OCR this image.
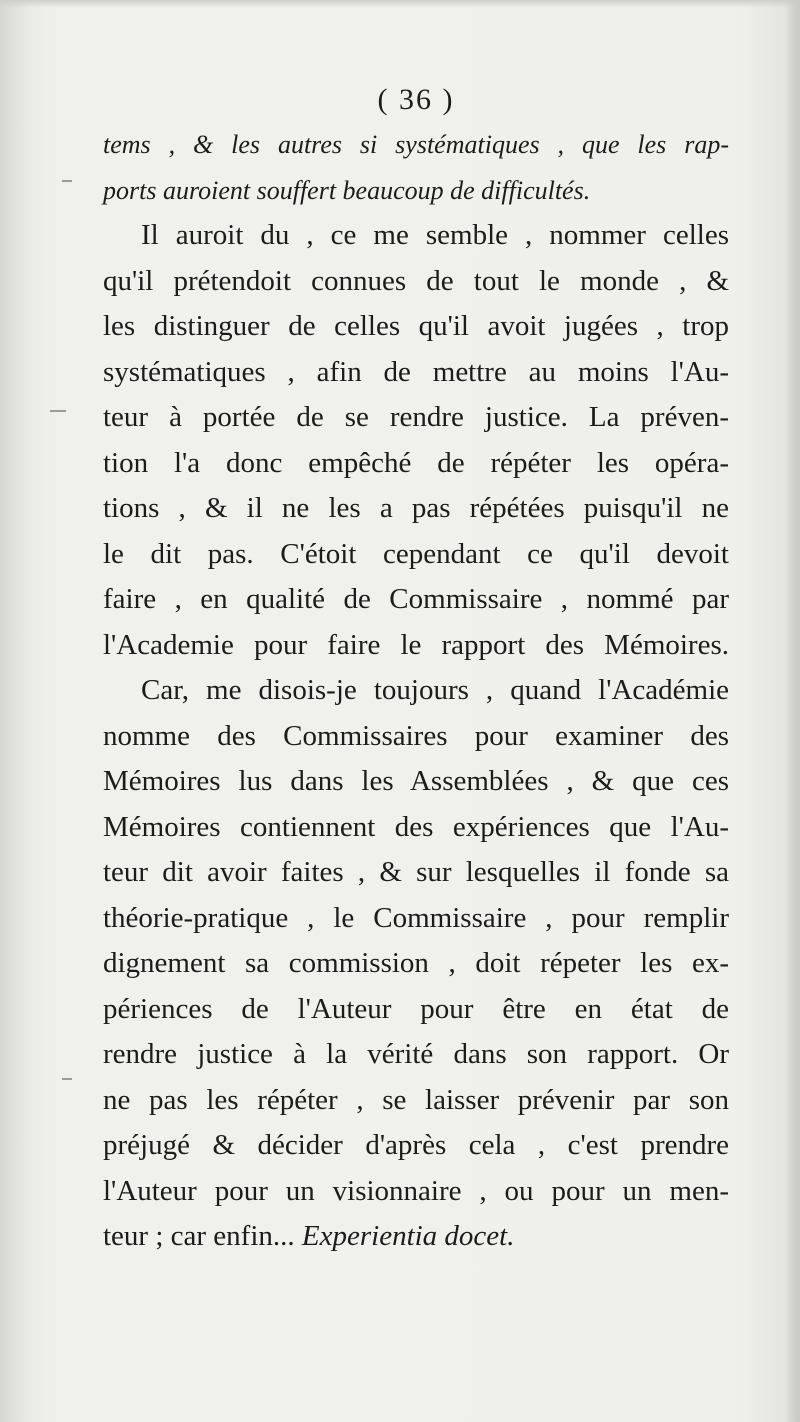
( 36 )
tems , & les autres si systématiques , que les rap-
ports auroient souffert beaucoup de difficultés.
Il auroit du , ce me semble , nommer celles
qu'il prétendoit connues de tout le monde , &
les distinguer de celles qu'il avoit jugées , trop
systématiques , afin de mettre au moins l'Au-
teur à portée de se rendre justice. La préven-
tion l'a donc empêché de répéter les opéra-
tions , & il ne les a pas répétées puisqu'il ne
le dit pas. C'étoit cependant ce qu'il devoit
faire , en qualité de Commissaire , nommé par
l'Academie pour faire le rapport des Mémoires.
Car, me disois-je toujours , quand l'Académie
nomme des Commissaires pour examiner des
Mémoires lus dans les Assemblées , & que ces
Mémoires contiennent des expériences que l'Au-
teur dit avoir faites , & sur lesquelles il fonde sa
théorie-pratique , le Commissaire , pour remplir
dignement sa commission , doit répeter les ex-
périences de l'Auteur pour être en état de
rendre justice à la vérité dans son rapport. Or
ne pas les répéter , se laisser prévenir par son
préjugé & décider d'après cela , c'est prendre
l'Auteur pour un visionnaire , ou pour un men-
teur ; car enfin... Experientia docet.
